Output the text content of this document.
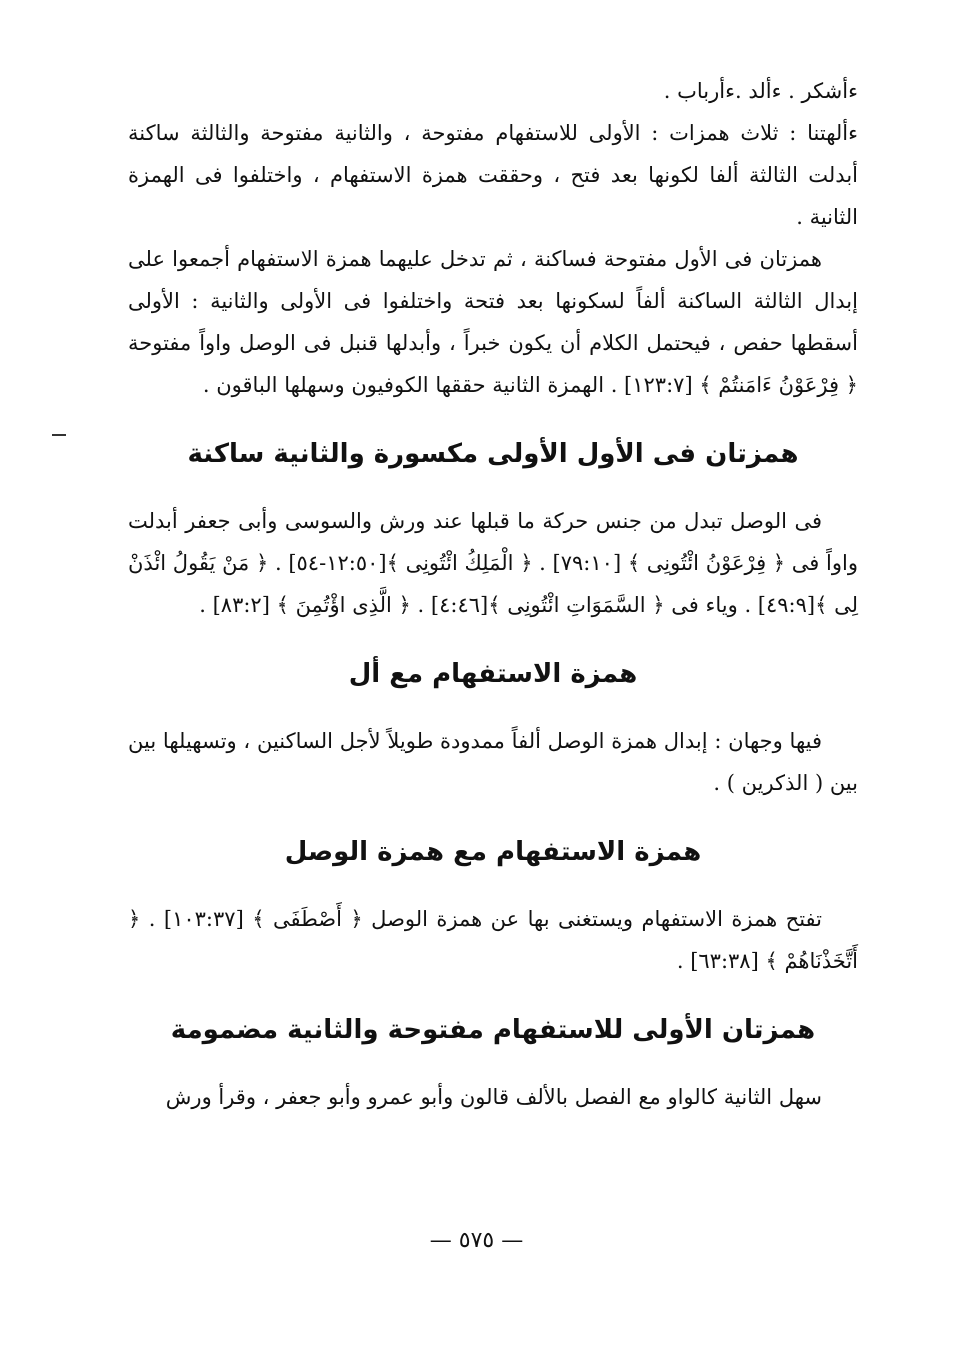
ءأشكر . ءألد .ءأرباب .

ءألهتنا : ثلاث همزات : الأولى للاستفهام مفتوحة ، والثانية مفتوحة والثالثة ساكنة أبدلت الثالثة ألفا لكونها بعد فتح ، وحققت همزة الاستفهام ، واختلفوا فى الهمزة الثانية .

همزتان فى الأول مفتوحة فساكنة ، ثم تدخل عليهما همزة الاستفهام أجمعوا على إبدال الثالثة الساكنة ألفاً لسكونها بعد فتحة واختلفوا فى الأولى والثانية : الأولى أسقطها حفص ، فيحتمل الكلام أن يكون خبراً ، وأبدلها قنبل فى الوصل واواً مفتوحة ﴿ فِرْعَوْنُ ءَامَنتُمْ ﴾ [١٢٣:٧] . الهمزة الثانية حققها الكوفيون وسهلها الباقون .

همزتان فى الأول الأولى مكسورة والثانية ساكنة

فى الوصل تبدل من جنس حركة ما قبلها عند ورش والسوسى وأبى جعفر أبدلت واواً فى ﴿ فِرْعَوْنُ ائْتُونِى ﴾ [٧٩:١٠] . ﴿ الْمَلِكُ ائْتُونِى ﴾[١٢:٥٠-٥٤] . ﴿ مَنْ يَقُولُ ائْذَنْ لِى ﴾[٤٩:٩] . وياء فى ﴿ السَّمَوَاتِ ائْتُونِى ﴾[٤:٤٦] . ﴿ الَّذِى اؤْتُمِنَ ﴾ [٨٣:٢] .

همزة الاستفهام مع أل

فيها وجهان : إبدال همزة الوصل ألفاً ممدودة طويلاً لأجل الساكنين ، وتسهيلها بين بين ( الذكرين ) .

همزة الاستفهام مع همزة الوصل

تفتح همزة الاستفهام ويستغنى بها عن همزة الوصل ﴿ أَصْطَفَى ﴾ [١٠٣:٣٧] . ﴿ أَتَّخَذْنَاهُمْ ﴾ [٦٣:٣٨] .

همزتان الأولى للاستفهام مفتوحة والثانية مضمومة

سهل الثانية كالواو مع الفصل بالألف قالون وأبو عمرو وأبو جعفر ، وقرأ ورش

— ٥٧٥ —
